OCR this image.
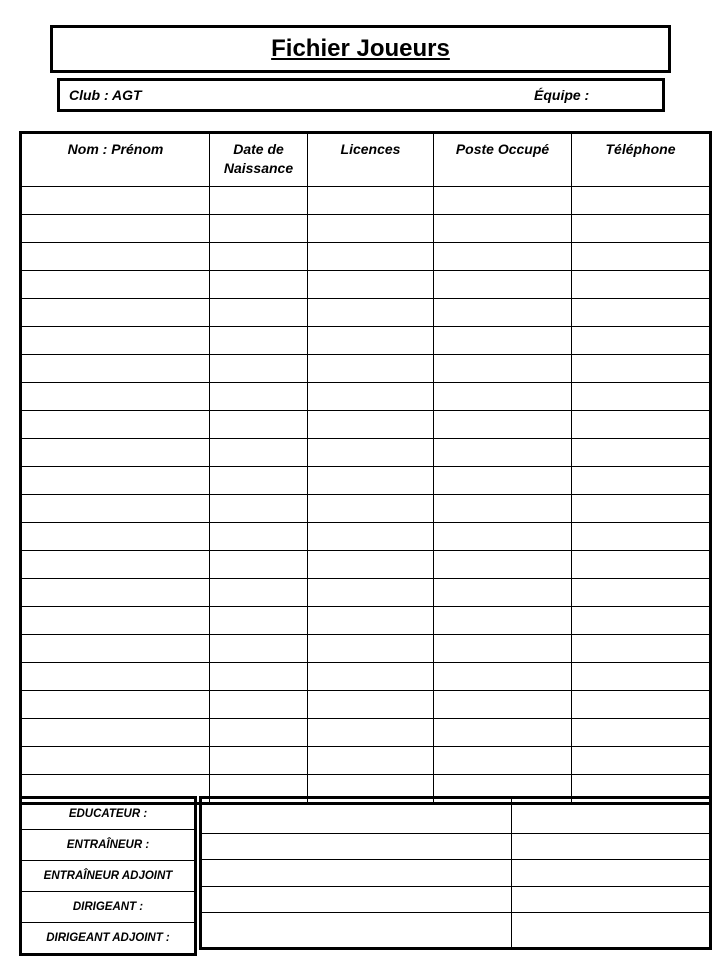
Fichier Joueurs
Club : AGT	Équipe :
Nom : Prénom	Date de Naissance	Licences	Poste Occupé	Téléphone

EDUCATEUR :
ENTRAÎNEUR :
ENTRAÎNEUR ADJOINT
DIRIGEANT :
DIRIGEANT ADJOINT :
